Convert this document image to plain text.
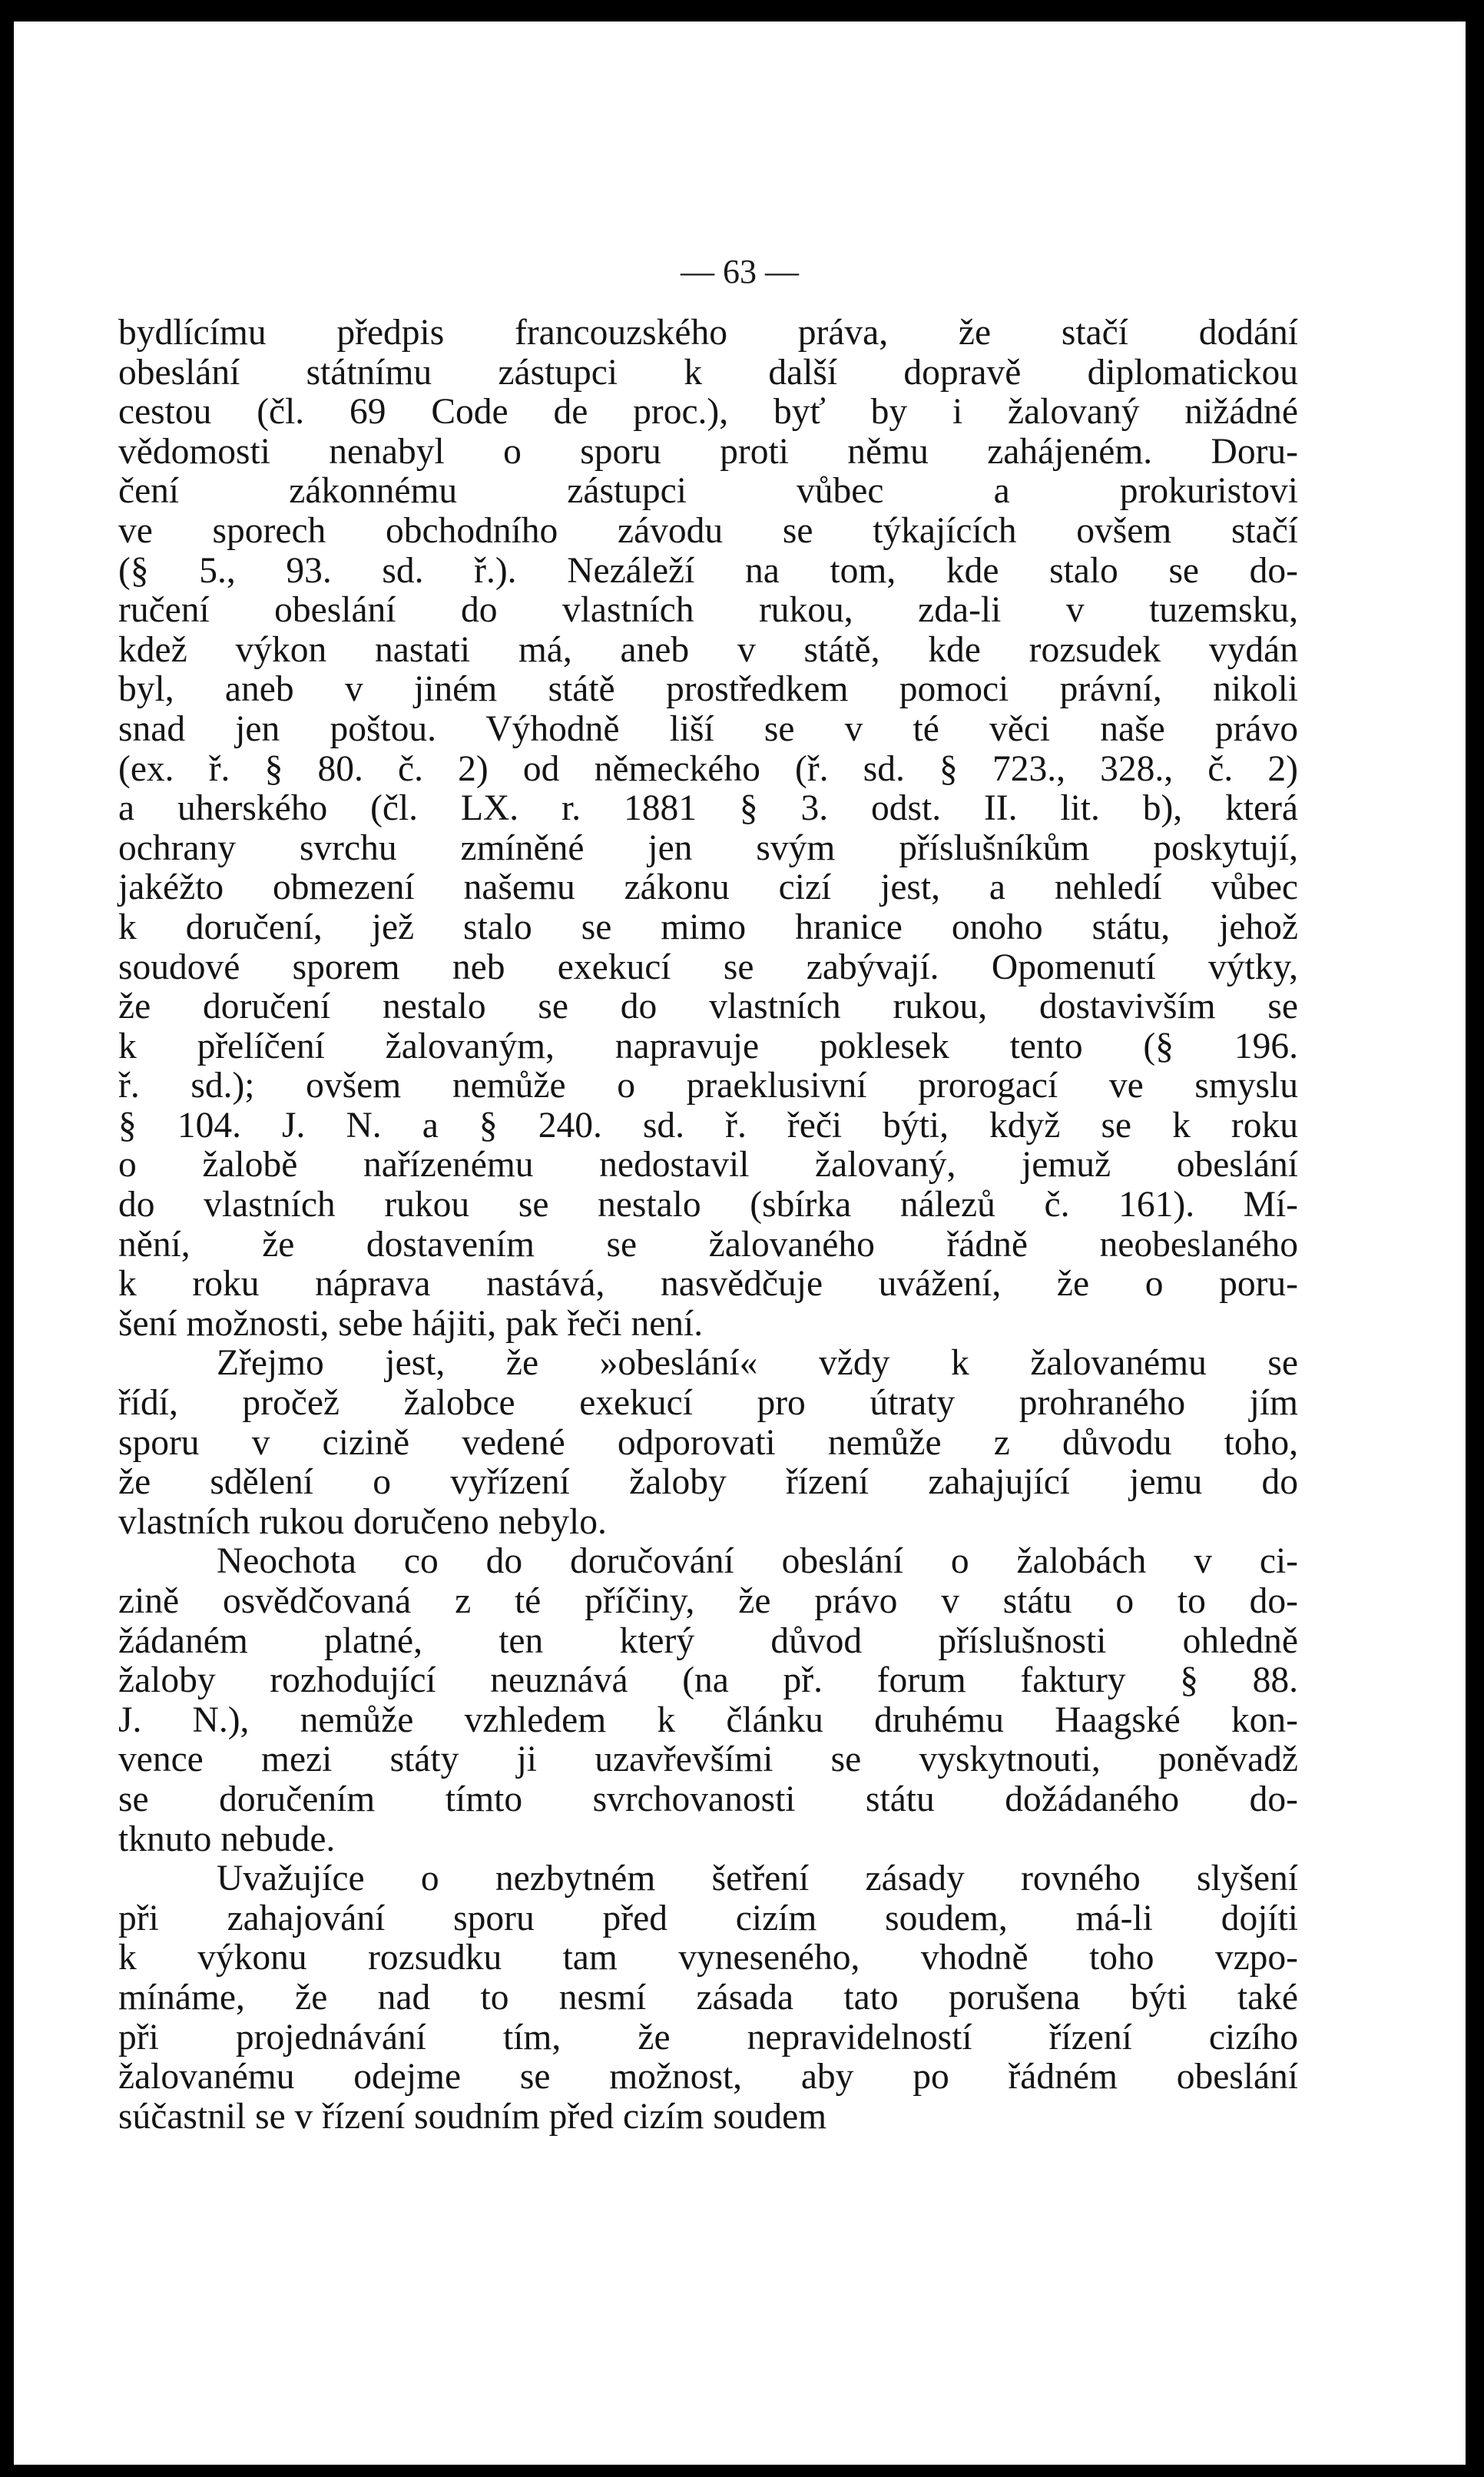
— 63 —
bydlícímu předpis francouzského práva, že stačí dodání
obeslání státnímu zástupci k další dopravě diplomatickou
cestou (čl. 69 Code de proc.), byť by i žalovaný nižádné
vědomosti nenabyl o sporu proti němu zahájeném. Doru-
čení zákonnému zástupci vůbec a prokuristovi
ve sporech obchodního závodu se týkajících ovšem stačí
(§ 5., 93. sd. ř.). Nezáleží na tom, kde stalo se do-
ručení obeslání do vlastních rukou, zda-li v tuzemsku,
kdež výkon nastati má, aneb v státě, kde rozsudek vydán
byl, aneb v jiném státě prostředkem pomoci právní, nikoli
snad jen poštou. Výhodně liší se v té věci naše právo
(ex. ř. § 80. č. 2) od německého (ř. sd. § 723., 328., č. 2)
a uherského (čl. LX. r. 1881 § 3. odst. II. lit. b), která
ochrany svrchu zmíněné jen svým příslušníkům poskytují,
jakéžto obmezení našemu zákonu cizí jest, a nehledí vůbec
k doručení, jež stalo se mimo hranice onoho státu, jehož
soudové sporem neb exekucí se zabývají. Opomenutí výtky,
že doručení nestalo se do vlastních rukou, dostavivším se
k přelíčení žalovaným, napravuje poklesek tento (§ 196.
ř. sd.); ovšem nemůže o praeklusivní prorogací ve smyslu
§ 104. J. N. a § 240. sd. ř. řeči býti, když se k roku
o žalobě nařízenému nedostavil žalovaný, jemuž obeslání
do vlastních rukou se nestalo (sbírka nálezů č. 161). Mí-
nění, že dostavením se žalovaného řádně neobeslaného
k roku náprava nastává, nasvědčuje uvážení, že o poru-
šení možnosti, sebe hájiti, pak řeči není.
Zřejmo jest, že »obeslání« vždy k žalovanému se
řídí, pročež žalobce exekucí pro útraty prohraného jím
sporu v cizině vedené odporovati nemůže z důvodu toho,
že sdělení o vyřízení žaloby řízení zahajující jemu do
vlastních rukou doručeno nebylo.
Neochota co do doručování obeslání o žalobách v ci-
zině osvědčovaná z té příčiny, že právo v státu o to do-
žádaném platné, ten který důvod příslušnosti ohledně
žaloby rozhodující neuznává (na př. forum faktury § 88.
J. N.), nemůže vzhledem k článku druhému Haagské kon-
vence mezi státy ji uzavřevšími se vyskytnouti, poněvadž
se doručením tímto svrchovanosti státu dožádaného do-
tknuto nebude.
Uvažujíce o nezbytném šetření zásady rovného slyšení
při zahajování sporu před cizím soudem, má-li dojíti
k výkonu rozsudku tam vyneseného, vhodně toho vzpo-
mínáme, že nad to nesmí zásada tato porušena býti také
při projednávání tím, že nepravidelností řízení cizího
žalovanému odejme se možnost, aby po řádném obeslání
súčastnil se v řízení soudním před cizím soudem
